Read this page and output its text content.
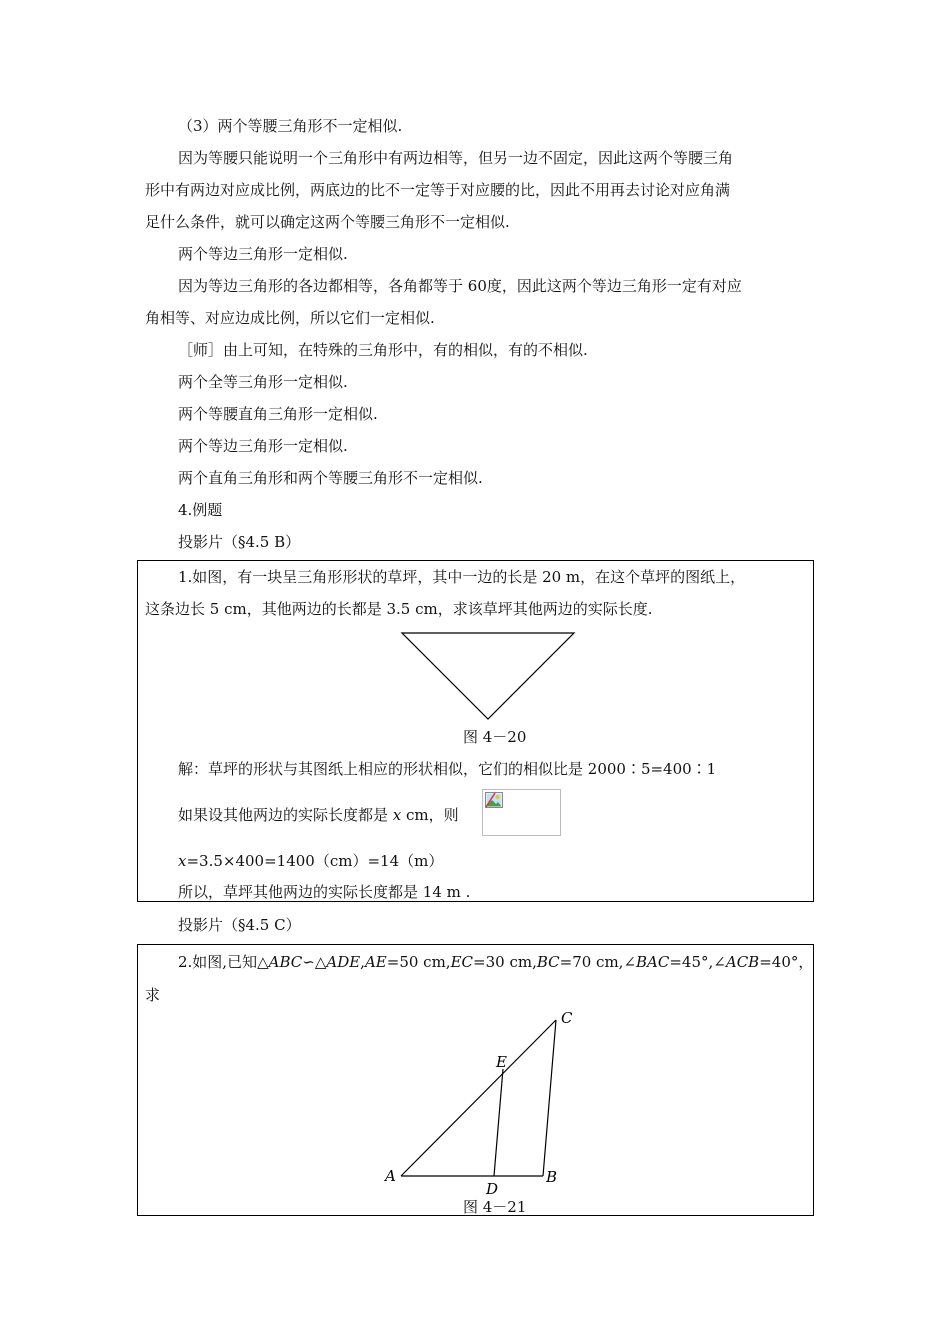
（3）两个等腰三角形不一定相似.
因为等腰只能说明一个三角形中有两边相等，但另一边不固定，因此这两个等腰三角
形中有两边对应成比例，两底边的比不一定等于对应腰的比，因此不用再去讨论对应角满
足什么条件，就可以确定这两个等腰三角形不一定相似.
两个等边三角形一定相似.
因为等边三角形的各边都相等，各角都等于 60度，因此这两个等边三角形一定有对应
角相等、对应边成比例，所以它们一定相似.
［师］由上可知，在特殊的三角形中，有的相似，有的不相似.
两个全等三角形一定相似.
两个等腰直角三角形一定相似.
两个等边三角形一定相似.
两个直角三角形和两个等腰三角形不一定相似.
4.例题
投影片（§4.5 B）
1.如图，有一块呈三角形形状的草坪，其中一边的长是 20 m，在这个草坪的图纸上，
这条边长 5 cm，其他两边的长都是 3.5 cm，求该草坪其他两边的实际长度.
图 4－20
解：草坪的形状与其图纸上相应的形状相似，它们的相似比是 2000∶5=400∶1
如果设其他两边的实际长度都是 x cm，则
x=3.5×400=1400（cm）=14（m）
所以，草坪其他两边的实际长度都是 14 m .
投影片（§4.5 C）
2.如图,已知△ABC∽△ADE,AE=50 cm,EC=30 cm,BC=70 cm,∠BAC=45°,∠ACB=40°，
求
A	B
C
D
E
图 4－21
